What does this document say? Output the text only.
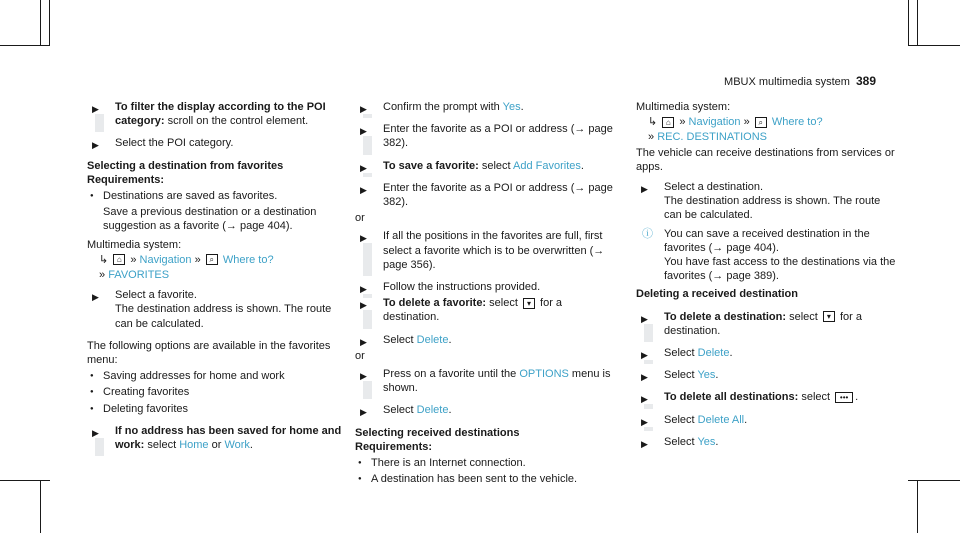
MBUX multimedia system 389
▶ To filter the display according to the POI category: scroll on the control element.
▶ Select the POI category.
Selecting a destination from favorites
Requirements:
● Destinations are saved as favorites.
Save a previous destination or a destination suggestion as a favorite (→ page 404).
Multimedia system:
↳ ⌂ » Navigation » ⌕ Where to?
» FAVORITES
▶ Select a favorite.
The destination address is shown. The route can be calculated.
The following options are available in the favorites menu:
● Saving addresses for home and work
● Creating favorites
● Deleting favorites
▶ If no address has been saved for home and work: select Home or Work.
▶ Confirm the prompt with Yes.
▶ Enter the favorite as a POI or address (→ page 382).
▶ To save a favorite: select Add Favorites.
▶ Enter the favorite as a POI or address (→ page 382).
or
▶ If all the positions in the favorites are full, first select a favorite which is to be overwritten (→ page 356).
▶ Follow the instructions provided.
▶ To delete a favorite: select ▾ for a destination.
▶ Select Delete.
or
▶ Press on a favorite until the OPTIONS menu is shown.
▶ Select Delete.
Selecting received destinations
Requirements:
● There is an Internet connection.
● A destination has been sent to the vehicle.
Multimedia system:
↳ ⌂ » Navigation » ⌕ Where to?
» REC. DESTINATIONS
The vehicle can receive destinations from services or apps.
▶ Select a destination.
The destination address is shown. The route can be calculated.
ⓘ You can save a received destination in the favorites (→ page 404).
You have fast access to the destinations via the favorites (→ page 389).
Deleting a received destination
▶ To delete a destination: select ▾ for a destination.
▶ Select Delete.
▶ Select Yes.
▶ To delete all destinations: select ••• .
▶ Select Delete All.
▶ Select Yes.
